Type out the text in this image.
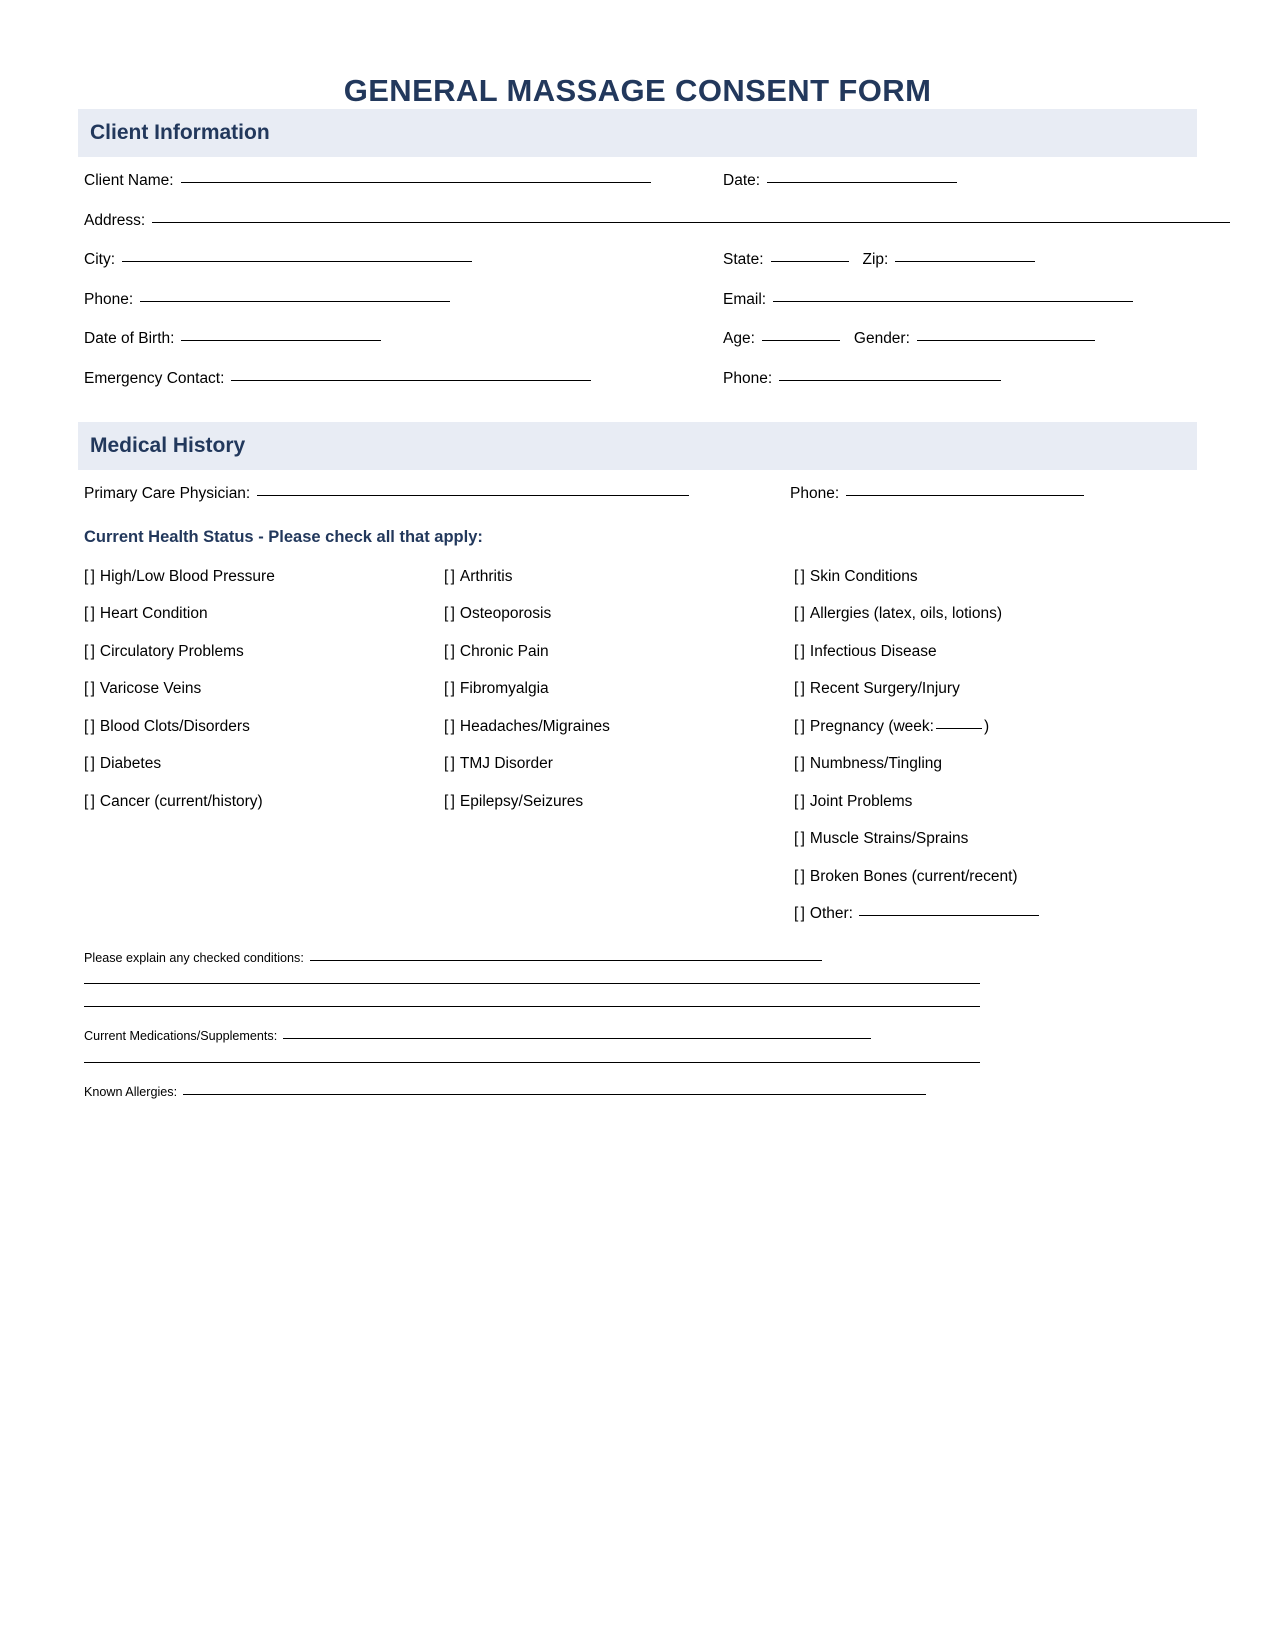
GENERAL MASSAGE CONSENT FORM
Client Information
Client Name:	Date:
Address:
City:	State:	Zip:
Phone:	Email:
Date of Birth:	Age:	Gender:
Emergency Contact:	Phone:
Medical History
Primary Care Physician:	Phone:
Current Health Status - Please check all that apply:
[ ] High/Low Blood Pressure
[ ] Heart Condition
[ ] Circulatory Problems
[ ] Varicose Veins
[ ] Blood Clots/Disorders
[ ] Diabetes
[ ] Cancer (current/history)
[ ] Arthritis
[ ] Osteoporosis
[ ] Chronic Pain
[ ] Fibromyalgia
[ ] Headaches/Migraines
[ ] TMJ Disorder
[ ] Epilepsy/Seizures
[ ] Skin Conditions
[ ] Allergies (latex, oils, lotions)
[ ] Infectious Disease
[ ] Recent Surgery/Injury
[ ] Pregnancy (week:	)
[ ] Numbness/Tingling
[ ] Joint Problems
[ ] Muscle Strains/Sprains
[ ] Broken Bones (current/recent)
[ ] Other:
Please explain any checked conditions:
Current Medications/Supplements:
Known Allergies:
